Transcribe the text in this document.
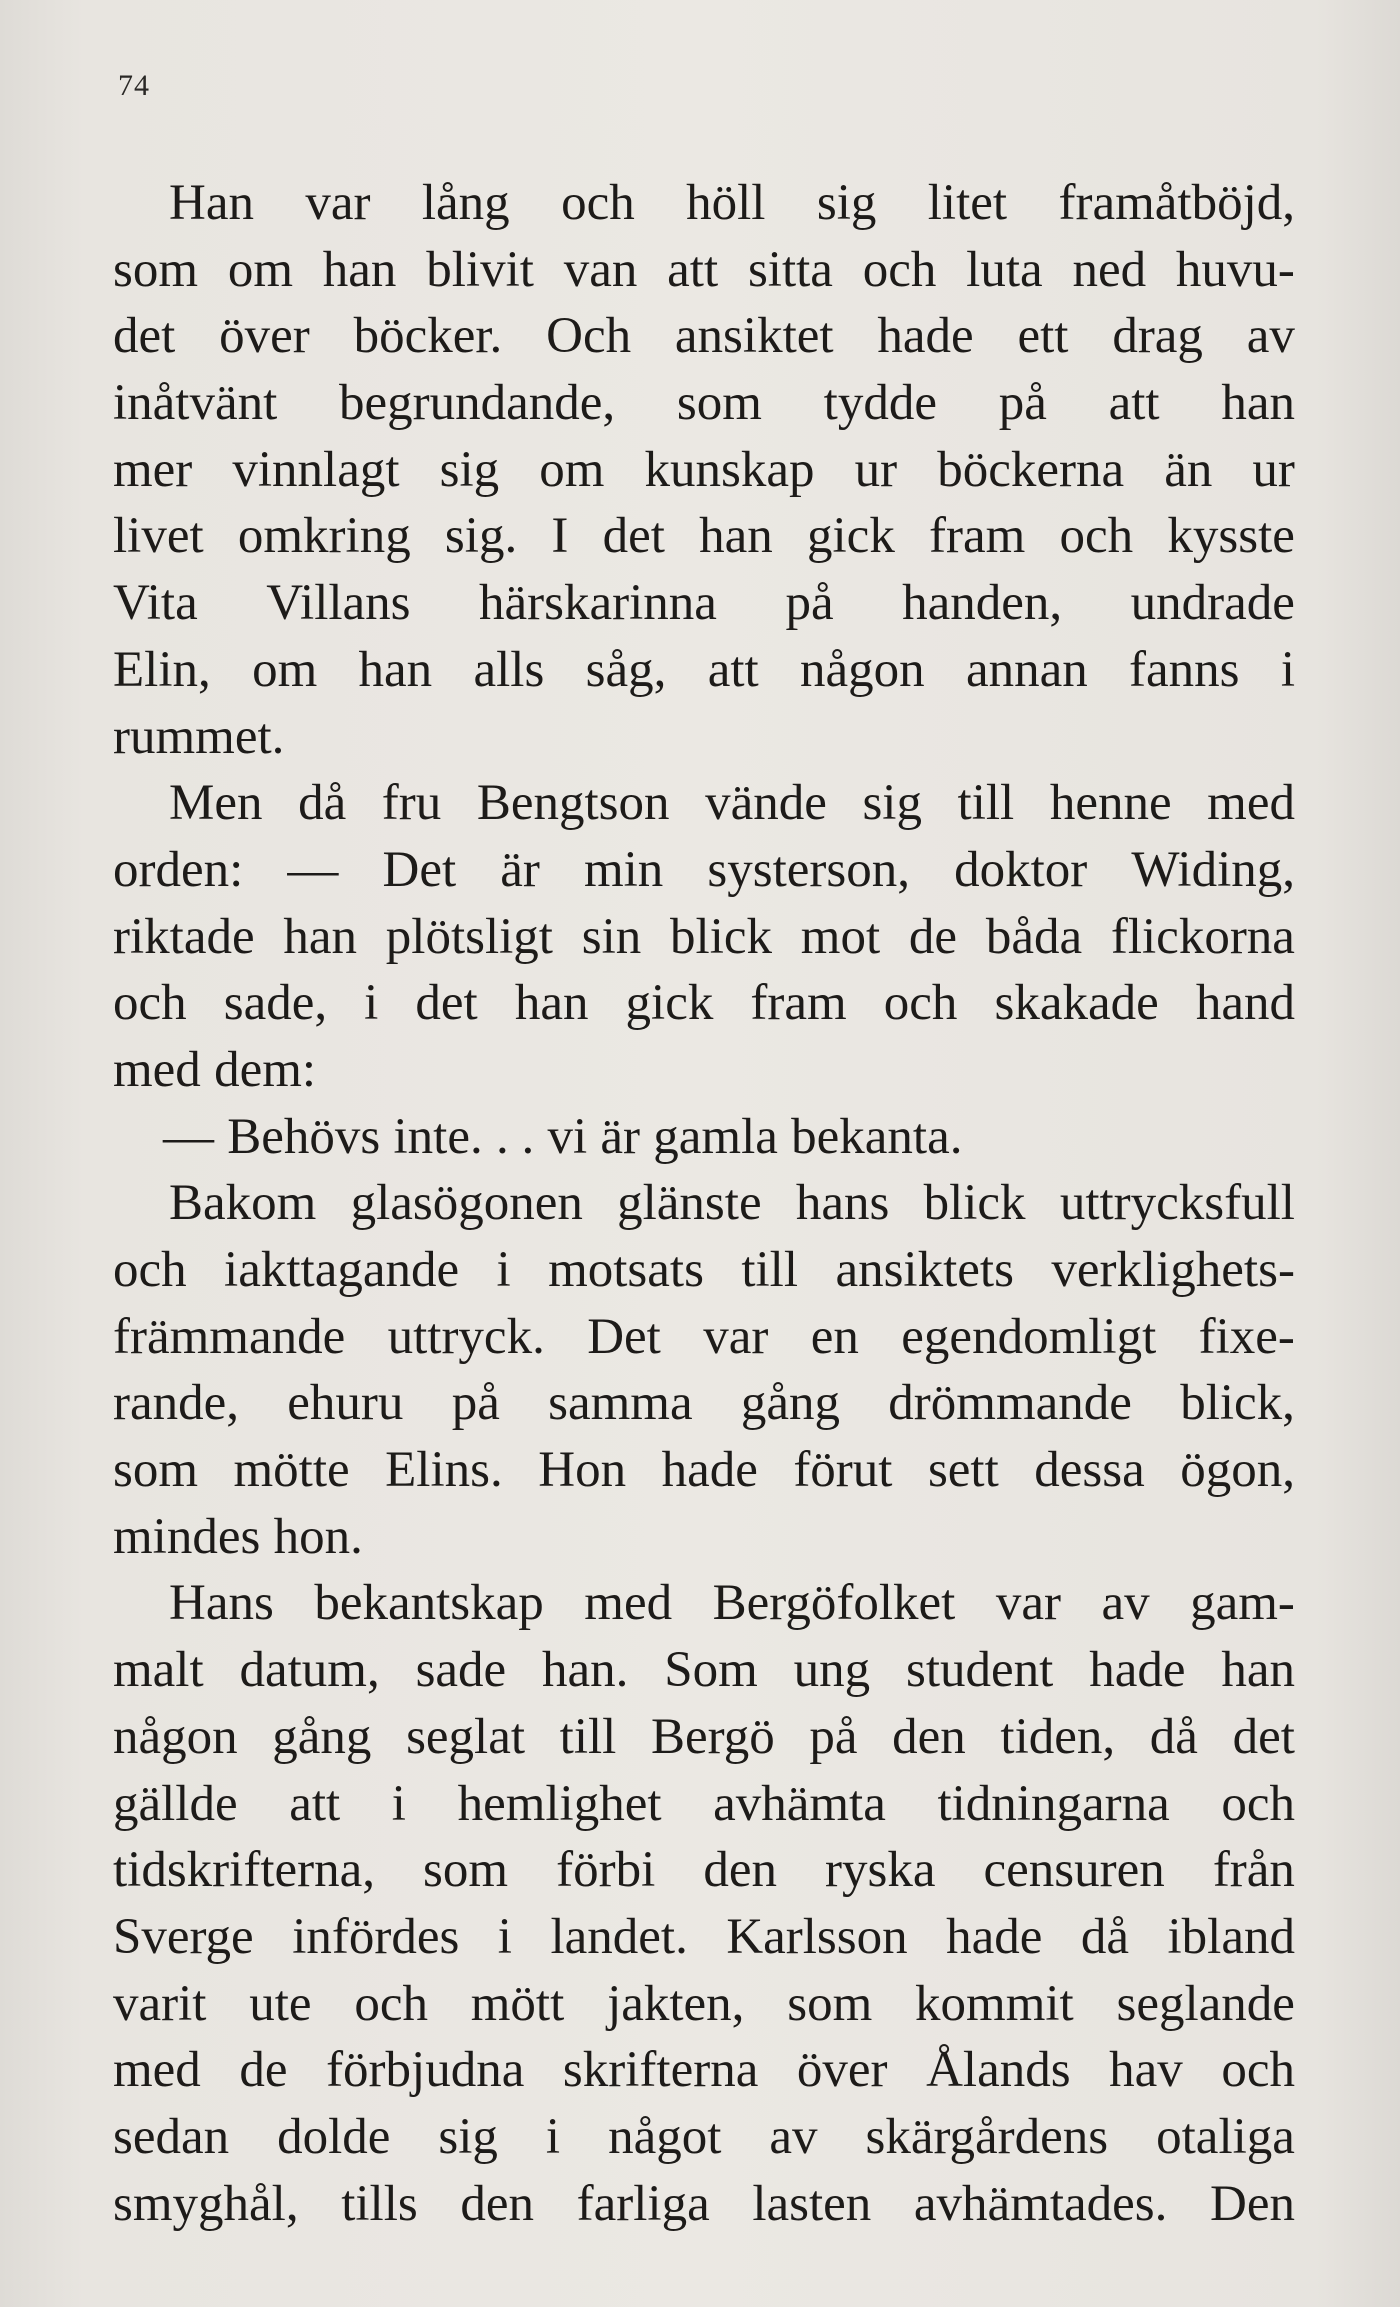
74
Han var lång och höll sig litet framåtböjd,
som om han blivit van att sitta och luta ned huvu-
det över böcker. Och ansiktet hade ett drag av
inåtvänt begrundande, som tydde på att han
mer vinnlagt sig om kunskap ur böckerna än ur
livet omkring sig. I det han gick fram och kysste
Vita Villans härskarinna på handen, undrade
Elin, om han alls såg, att någon annan fanns i
rummet.
Men då fru Bengtson vände sig till henne med
orden: — Det är min systerson, doktor Widing,
riktade han plötsligt sin blick mot de båda flickorna
och sade, i det han gick fram och skakade hand
med dem:
— Behövs inte. . . vi är gamla bekanta.
Bakom glasögonen glänste hans blick uttrycksfull
och iakttagande i motsats till ansiktets verklighets-
främmande uttryck. Det var en egendomligt fixe-
rande, ehuru på samma gång drömmande blick,
som mötte Elins. Hon hade förut sett dessa ögon,
mindes hon.
Hans bekantskap med Bergöfolket var av gam-
malt datum, sade han. Som ung student hade han
någon gång seglat till Bergö på den tiden, då det
gällde att i hemlighet avhämta tidningarna och
tidskrifterna, som förbi den ryska censuren från
Sverge infördes i landet. Karlsson hade då ibland
varit ute och mött jakten, som kommit seglande
med de förbjudna skrifterna över Ålands hav och
sedan dolde sig i något av skärgårdens otaliga
smyghål, tills den farliga lasten avhämtades. Den
